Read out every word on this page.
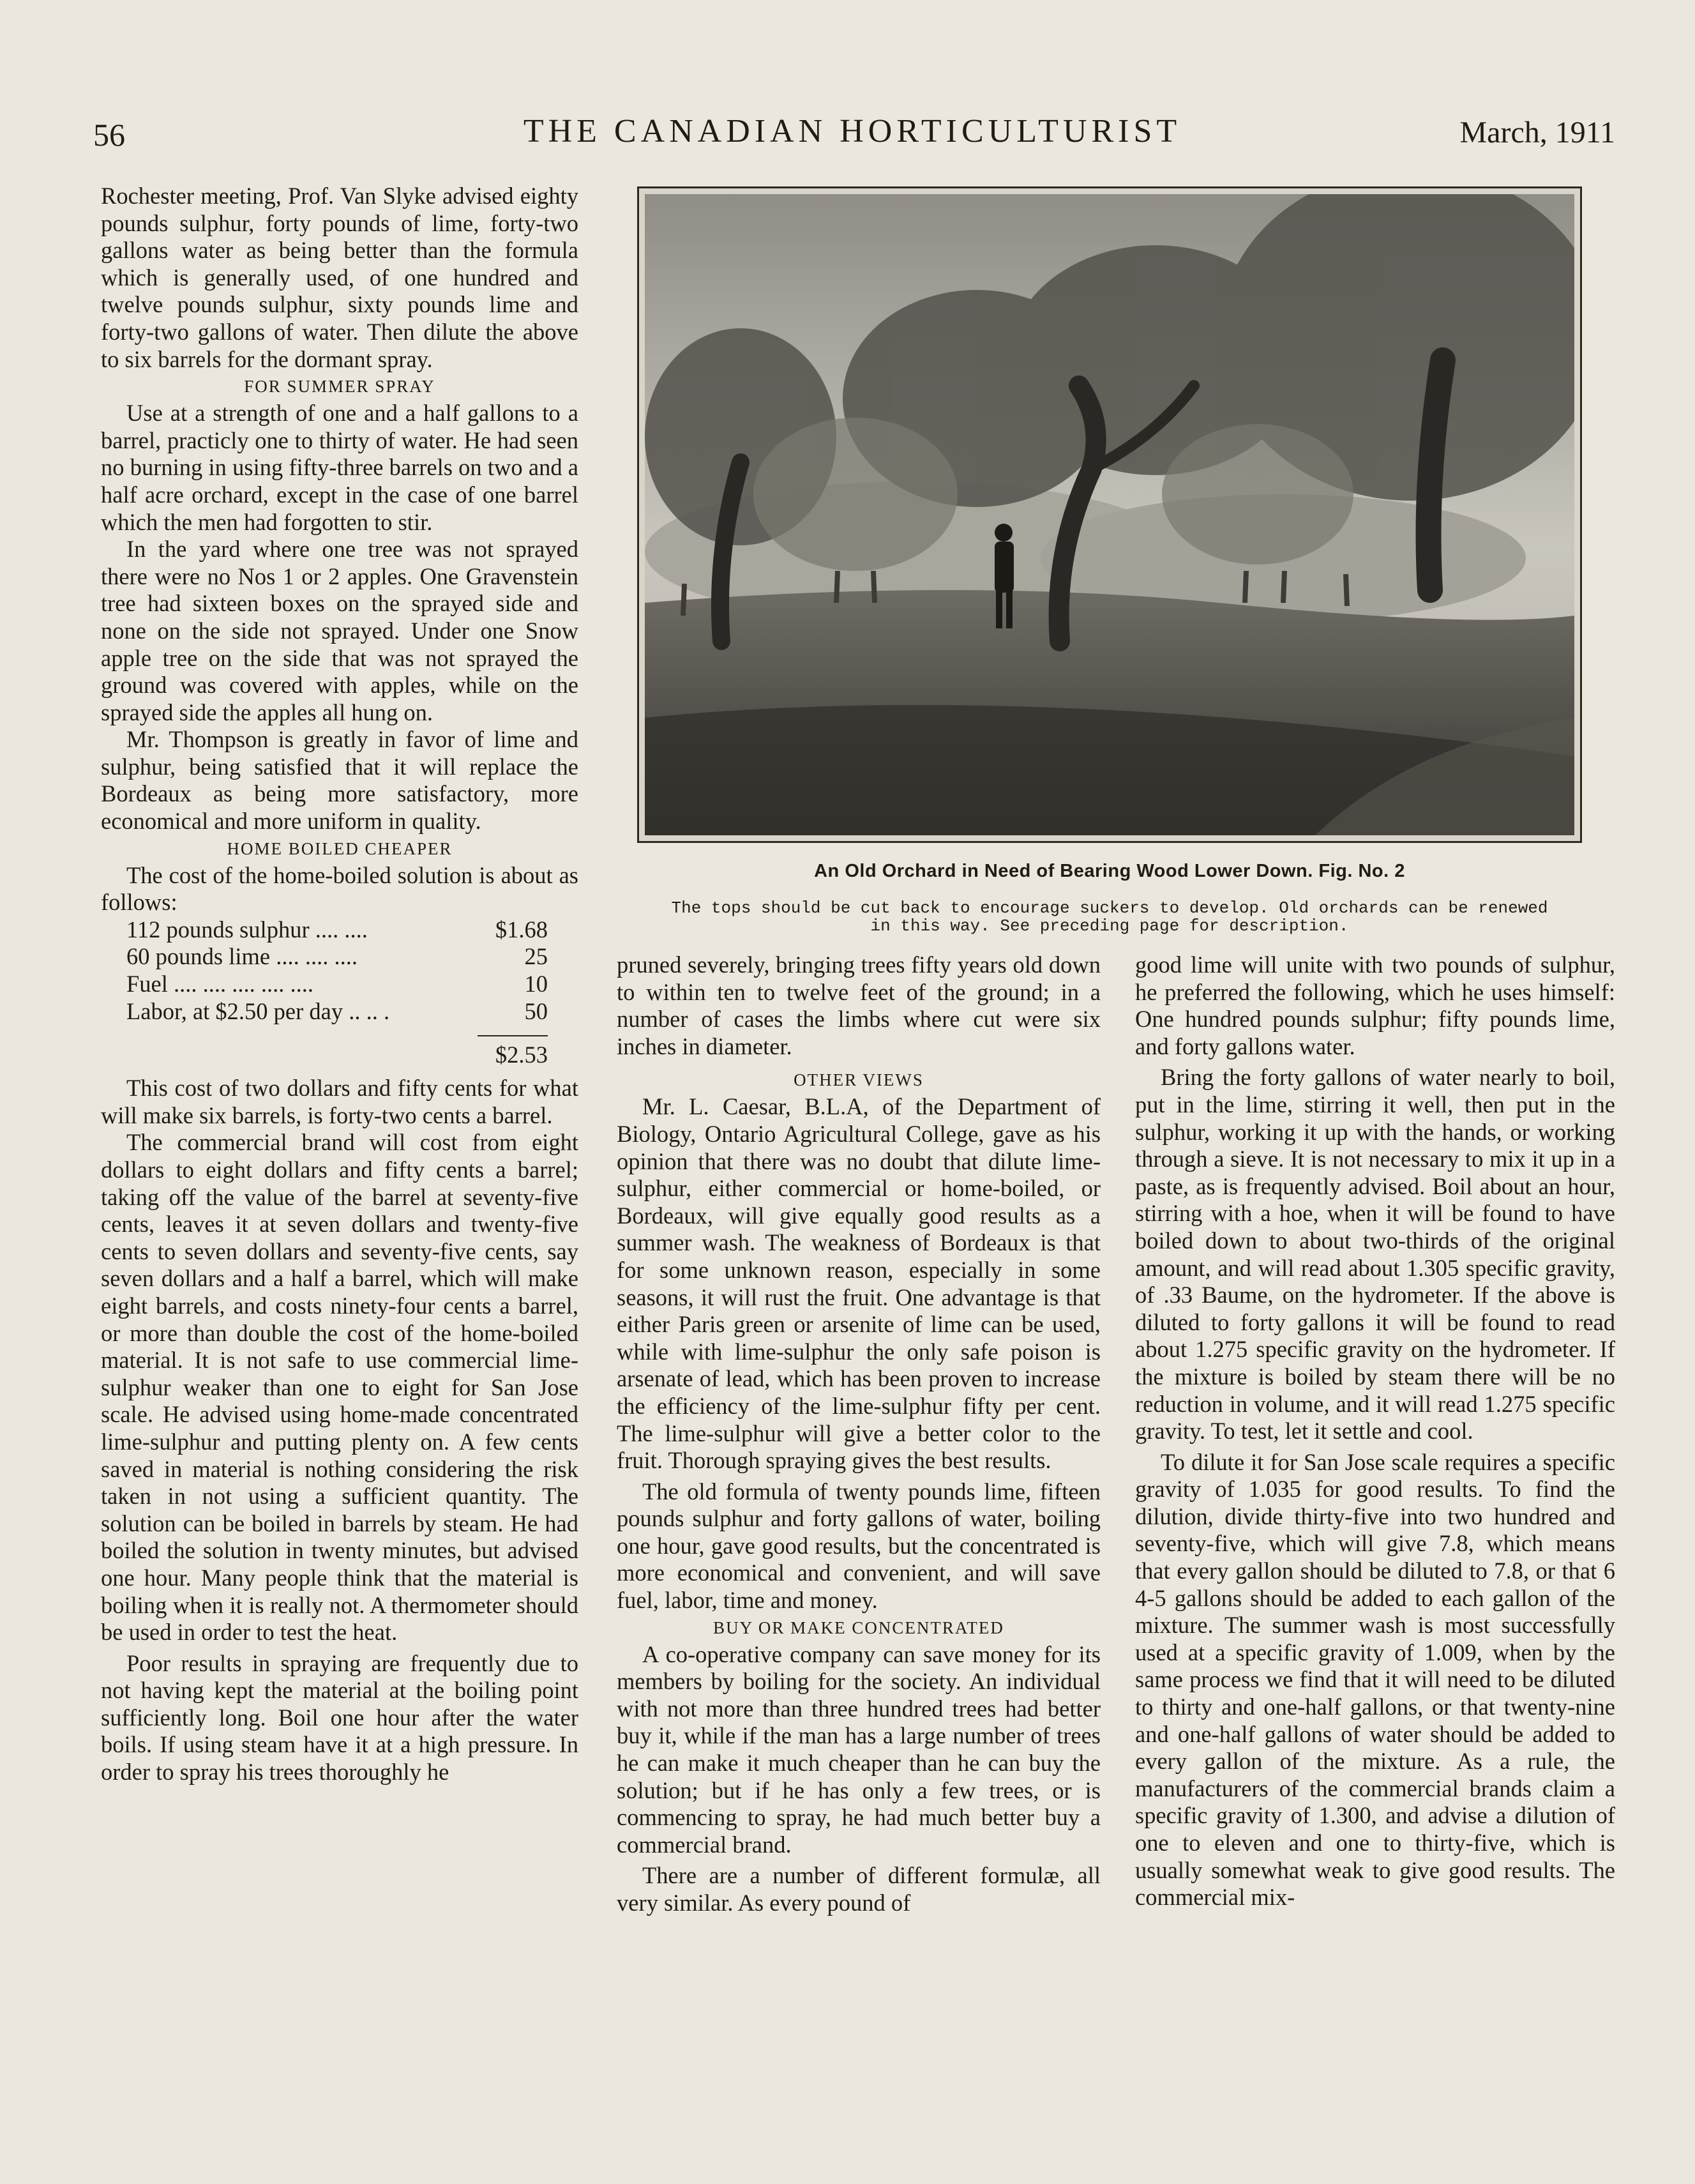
56	THE CANADIAN HORTICULTURIST	March, 1911

Rochester meeting, Prof. Van Slyke advised eighty pounds sulphur, forty pounds of lime, forty-two gallons water as being better than the formula which is generally used, of one hundred and twelve pounds sulphur, sixty pounds lime and forty-two gallons of water. Then dilute the above to six barrels for the dormant spray.

FOR SUMMER SPRAY

Use at a strength of one and a half gallons to a barrel, practicly one to thirty of water. He had seen no burning in using fifty-three barrels on two and a half acre orchard, except in the case of one barrel which the men had forgotten to stir.

In the yard where one tree was not sprayed there were no Nos 1 or 2 apples. One Gravenstein tree had sixteen boxes on the sprayed side and none on the side not sprayed. Under one Snow apple tree on the side that was not sprayed the ground was covered with apples, while on the sprayed side the apples all hung on.

Mr. Thompson is greatly in favor of lime and sulphur, being satisfied that it will replace the Bordeaux as being more satisfactory, more economical and more uniform in quality.

HOME BOILED CHEAPER

The cost of the home-boiled solution is about as follows:

112 pounds sulphur .... ....	$1.68
60 pounds lime .... .... ....	25
Fuel .... .... .... .... ....	10
Labor, at $2.50 per day .. .. .	50
$2.53

This cost of two dollars and fifty cents for what will make six barrels, is forty-two cents a barrel.

The commercial brand will cost from eight dollars to eight dollars and fifty cents a barrel; taking off the value of the barrel at seventy-five cents, leaves it at seven dollars and twenty-five cents to seven dollars and seventy-five cents, say seven dollars and a half a barrel, which will make eight barrels, and costs ninety-four cents a barrel, or more than double the cost of the home-boiled material. It is not safe to use commercial lime-sulphur weaker than one to eight for San Jose scale. He advised using home-made concentrated lime-sulphur and putting plenty on. A few cents saved in material is nothing considering the risk taken in not using a sufficient quantity. The solution can be boiled in barrels by steam. He had boiled the solution in twenty minutes, but advised one hour. Many people think that the material is boiling when it is really not. A thermometer should be used in order to test the heat.

Poor results in spraying are frequently due to not having kept the material at the boiling point sufficiently long. Boil one hour after the water boils. If using steam have it at a high pressure. In order to spray his trees thoroughly he

An Old Orchard in Need of Bearing Wood Lower Down. Fig. No. 2
The tops should be cut back to encourage suckers to develop. Old orchards can be renewed
in this way. See preceding page for description.

pruned severely, bringing trees fifty years old down to within ten to twelve feet of the ground; in a number of cases the limbs where cut were six inches in diameter.

OTHER VIEWS

Mr. L. Caesar, B.L.A, of the Department of Biology, Ontario Agricultural College, gave as his opinion that there was no doubt that dilute lime-sulphur, either commercial or home-boiled, or Bordeaux, will give equally good results as a summer wash. The weakness of Bordeaux is that for some unknown reason, especially in some seasons, it will rust the fruit. One advantage is that either Paris green or arsenite of lime can be used, while with lime-sulphur the only safe poison is arsenate of lead, which has been proven to increase the efficiency of the lime-sulphur fifty per cent. The lime-sulphur will give a better color to the fruit. Thorough spraying gives the best results.

The old formula of twenty pounds lime, fifteen pounds sulphur and forty gallons of water, boiling one hour, gave good results, but the concentrated is more economical and convenient, and will save fuel, labor, time and money.

BUY OR MAKE CONCENTRATED

A co-operative company can save money for its members by boiling for the society. An individual with not more than three hundred trees had better buy it, while if the man has a large number of trees he can make it much cheaper than he can buy the solution; but if he has only a few trees, or is commencing to spray, he had much better buy a commercial brand.

There are a number of different formulæ, all very similar. As every pound of

good lime will unite with two pounds of sulphur, he preferred the following, which he uses himself: One hundred pounds sulphur; fifty pounds lime, and forty gallons water.

Bring the forty gallons of water nearly to boil, put in the lime, stirring it well, then put in the sulphur, working it up with the hands, or working through a sieve. It is not necessary to mix it up in a paste, as is frequently advised. Boil about an hour, stirring with a hoe, when it will be found to have boiled down to about two-thirds of the original amount, and will read about 1.305 specific gravity, of .33 Baume, on the hydrometer. If the above is diluted to forty gallons it will be found to read about 1.275 specific gravity on the hydrometer. If the mixture is boiled by steam there will be no reduction in volume, and it will read 1.275 specific gravity. To test, let it settle and cool.

To dilute it for San Jose scale requires a specific gravity of 1.035 for good results. To find the dilution, divide thirty-five into two hundred and seventy-five, which will give 7.8, which means that every gallon should be diluted to 7.8, or that 6 4-5 gallons should be added to each gallon of the mixture. The summer wash is most successfully used at a specific gravity of 1.009, when by the same process we find that it will need to be diluted to thirty and one-half gallons, or that twenty-nine and one-half gallons of water should be added to every gallon of the mixture. As a rule, the manufacturers of the commercial brands claim a specific gravity of 1.300, and advise a dilution of one to eleven and one to thirty-five, which is usually somewhat weak to give good results. The commercial mix-
